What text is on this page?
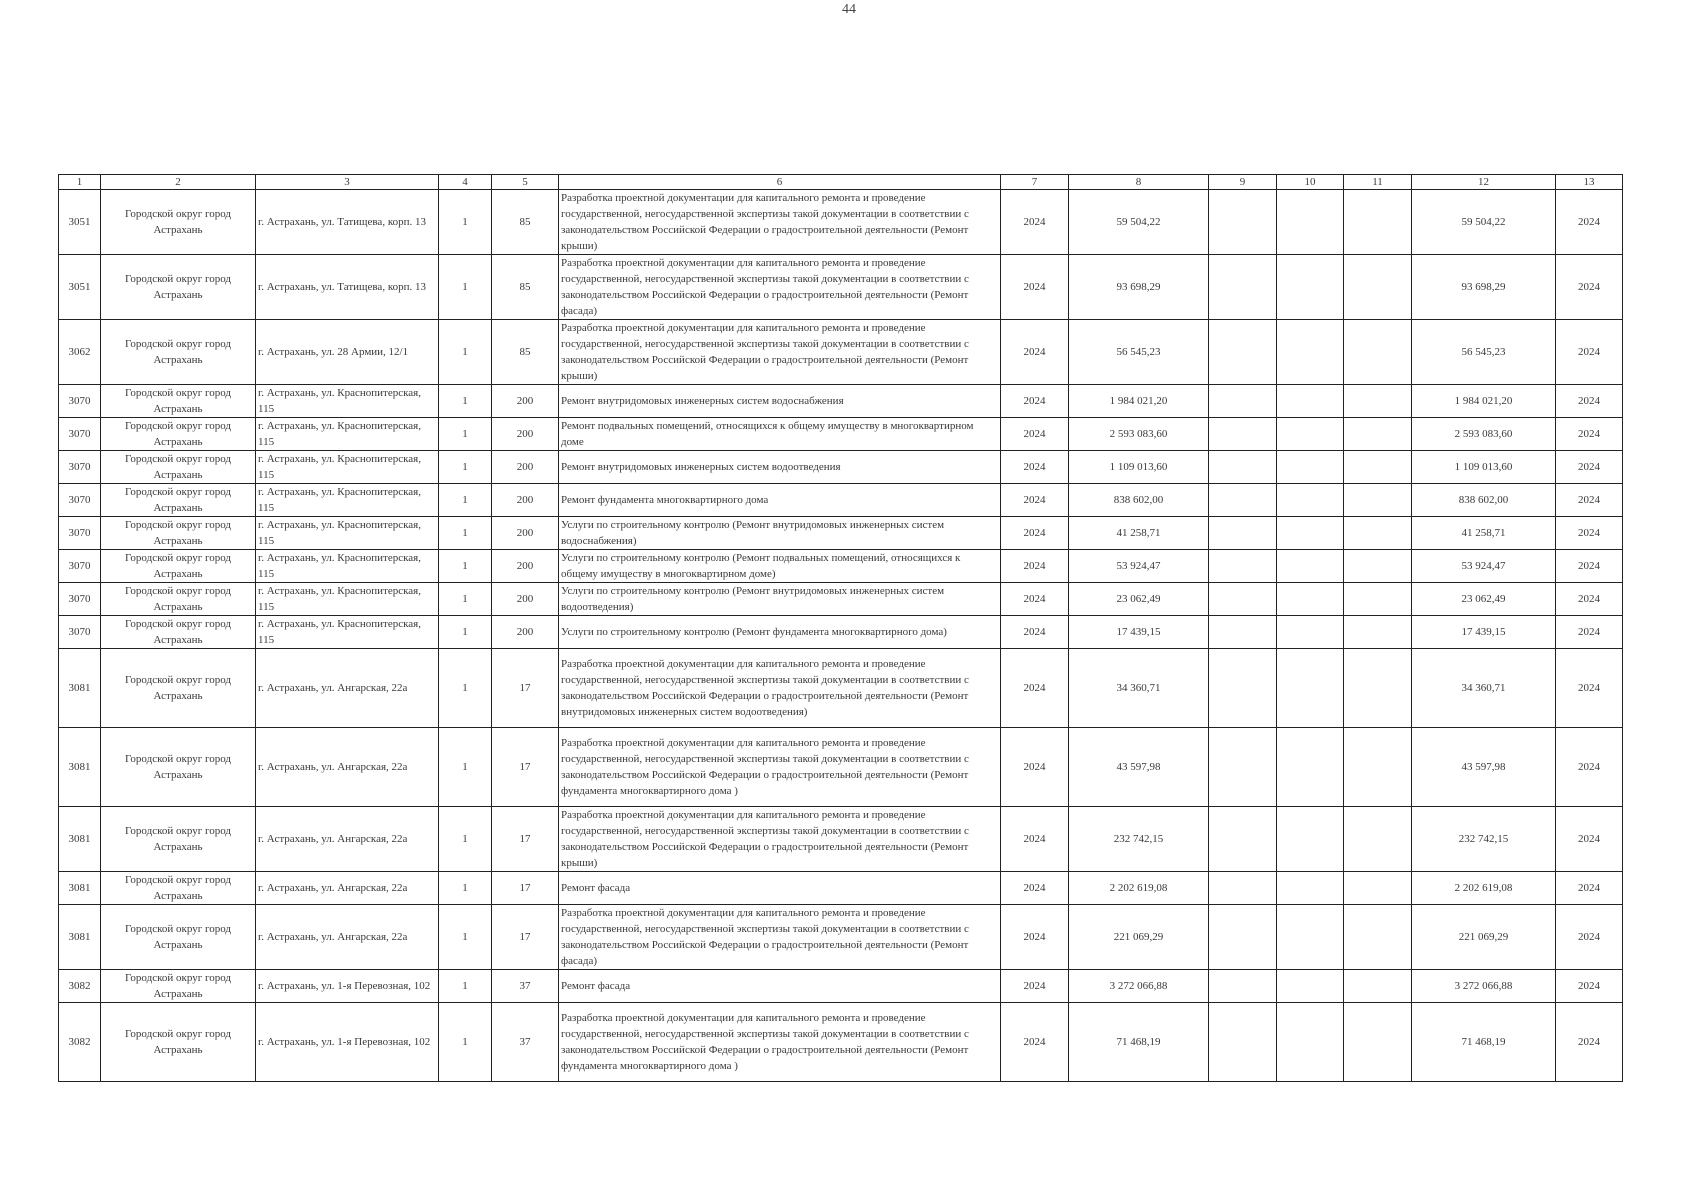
44
1	2	3	4	5	6	7	8	9	10	11	12	13
3051	Городской округ город Астрахань	г. Астрахань, ул. Татищева, корп. 13	1	85	Разработка проектной документации для капитального ремонта и проведение государственной, негосударственной экспертизы такой документации в соответствии с законодательством Российской Федерации о градостроительной деятельности (Ремонт крыши)	2024	59 504,22				59 504,22	2024
3051	Городской округ город Астрахань	г. Астрахань, ул. Татищева, корп. 13	1	85	Разработка проектной документации для капитального ремонта и проведение государственной, негосударственной экспертизы такой документации в соответствии с законодательством Российской Федерации о градостроительной деятельности (Ремонт фасада)	2024	93 698,29				93 698,29	2024
3062	Городской округ город Астрахань	г. Астрахань, ул. 28 Армии, 12/1	1	85	Разработка проектной документации для капитального ремонта и проведение государственной, негосударственной экспертизы такой документации в соответствии с законодательством Российской Федерации о градостроительной деятельности (Ремонт крыши)	2024	56 545,23				56 545,23	2024
3070	Городской округ город Астрахань	г. Астрахань, ул. Краснопитерская, 115	1	200	Ремонт внутридомовых инженерных систем водоснабжения	2024	1 984 021,20				1 984 021,20	2024
3070	Городской округ город Астрахань	г. Астрахань, ул. Краснопитерская, 115	1	200	Ремонт подвальных помещений, относящихся к общему имуществу в многоквартирном доме	2024	2 593 083,60				2 593 083,60	2024
3070	Городской округ город Астрахань	г. Астрахань, ул. Краснопитерская, 115	1	200	Ремонт внутридомовых инженерных систем водоотведения	2024	1 109 013,60				1 109 013,60	2024
3070	Городской округ город Астрахань	г. Астрахань, ул. Краснопитерская, 115	1	200	Ремонт фундамента многоквартирного дома	2024	838 602,00				838 602,00	2024
3070	Городской округ город Астрахань	г. Астрахань, ул. Краснопитерская, 115	1	200	Услуги по строительному контролю (Ремонт внутридомовых инженерных систем водоснабжения)	2024	41 258,71				41 258,71	2024
3070	Городской округ город Астрахань	г. Астрахань, ул. Краснопитерская, 115	1	200	Услуги по строительному контролю (Ремонт подвальных помещений, относящихся к общему имуществу в многоквартирном доме)	2024	53 924,47				53 924,47	2024
3070	Городской округ город Астрахань	г. Астрахань, ул. Краснопитерская, 115	1	200	Услуги по строительному контролю (Ремонт внутридомовых инженерных систем водоотведения)	2024	23 062,49				23 062,49	2024
3070	Городской округ город Астрахань	г. Астрахань, ул. Краснопитерская, 115	1	200	Услуги по строительному контролю (Ремонт фундамента многоквартирного дома)	2024	17 439,15				17 439,15	2024
3081	Городской округ город Астрахань	г. Астрахань, ул. Ангарская, 22а	1	17	Разработка проектной документации для капитального ремонта и проведение государственной, негосударственной экспертизы такой документации в соответствии с законодательством Российской Федерации о градостроительной деятельности (Ремонт внутридомовых инженерных систем водоотведения)	2024	34 360,71				34 360,71	2024
3081	Городской округ город Астрахань	г. Астрахань, ул. Ангарская, 22а	1	17	Разработка проектной документации для капитального ремонта и проведение государственной, негосударственной экспертизы такой документации в соответствии с законодательством Российской Федерации о градостроительной деятельности (Ремонт фундамента многоквартирного дома )	2024	43 597,98				43 597,98	2024
3081	Городской округ город Астрахань	г. Астрахань, ул. Ангарская, 22а	1	17	Разработка проектной документации для капитального ремонта и проведение государственной, негосударственной экспертизы такой документации в соответствии с законодательством Российской Федерации о градостроительной деятельности (Ремонт крыши)	2024	232 742,15				232 742,15	2024
3081	Городской округ город Астрахань	г. Астрахань, ул. Ангарская, 22а	1	17	Ремонт фасада	2024	2 202 619,08				2 202 619,08	2024
3081	Городской округ город Астрахань	г. Астрахань, ул. Ангарская, 22а	1	17	Разработка проектной документации для капитального ремонта и проведение государственной, негосударственной экспертизы такой документации в соответствии с законодательством Российской Федерации о градостроительной деятельности (Ремонт фасада)	2024	221 069,29				221 069,29	2024
3082	Городской округ город Астрахань	г. Астрахань, ул. 1-я Перевозная, 102	1	37	Ремонт фасада	2024	3 272 066,88				3 272 066,88	2024
3082	Городской округ город Астрахань	г. Астрахань, ул. 1-я Перевозная, 102	1	37	Разработка проектной документации для капитального ремонта и проведение государственной, негосударственной экспертизы такой документации в соответствии с законодательством Российской Федерации о градостроительной деятельности (Ремонт фундамента многоквартирного дома )	2024	71 468,19				71 468,19	2024
